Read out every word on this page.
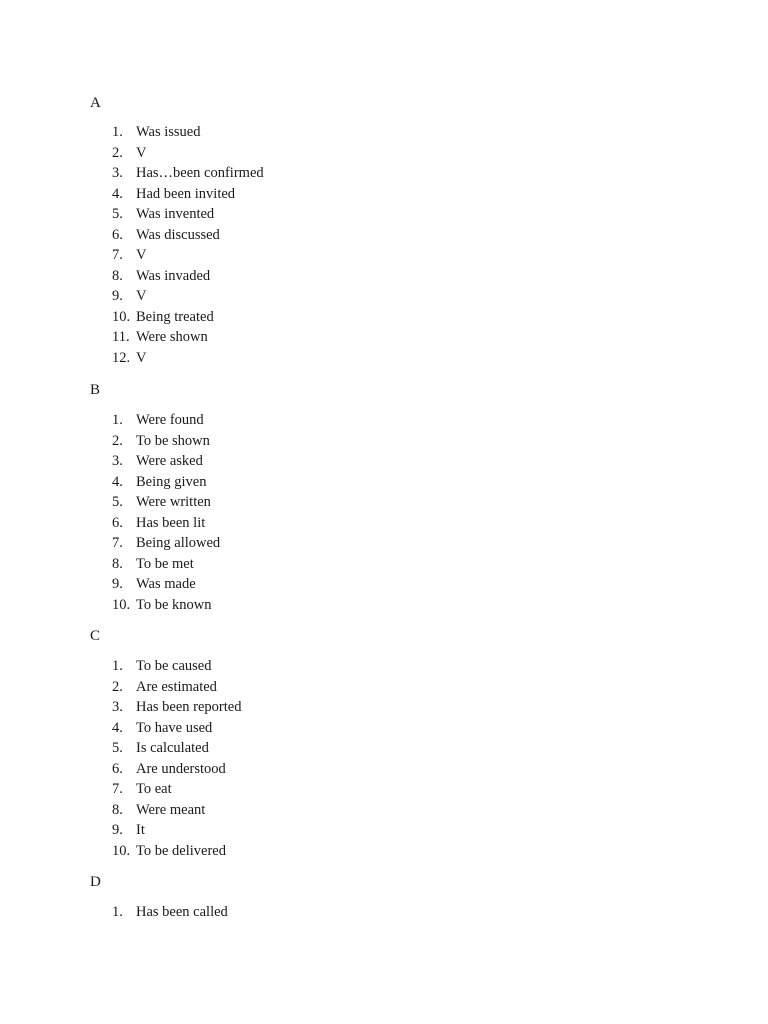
A
1. Was issued
2. V
3. Has…been confirmed
4. Had been invited
5. Was invented
6. Was discussed
7. V
8. Was invaded
9. V
10. Being treated
11. Were shown
12. V
B
1. Were found
2. To be shown
3. Were asked
4. Being given
5. Were written
6. Has been lit
7. Being allowed
8. To be met
9. Was made
10. To be known
C
1. To be caused
2. Are estimated
3. Has been reported
4. To have used
5. Is calculated
6. Are understood
7. To eat
8. Were meant
9. It
10. To be delivered
D
1. Has been called
